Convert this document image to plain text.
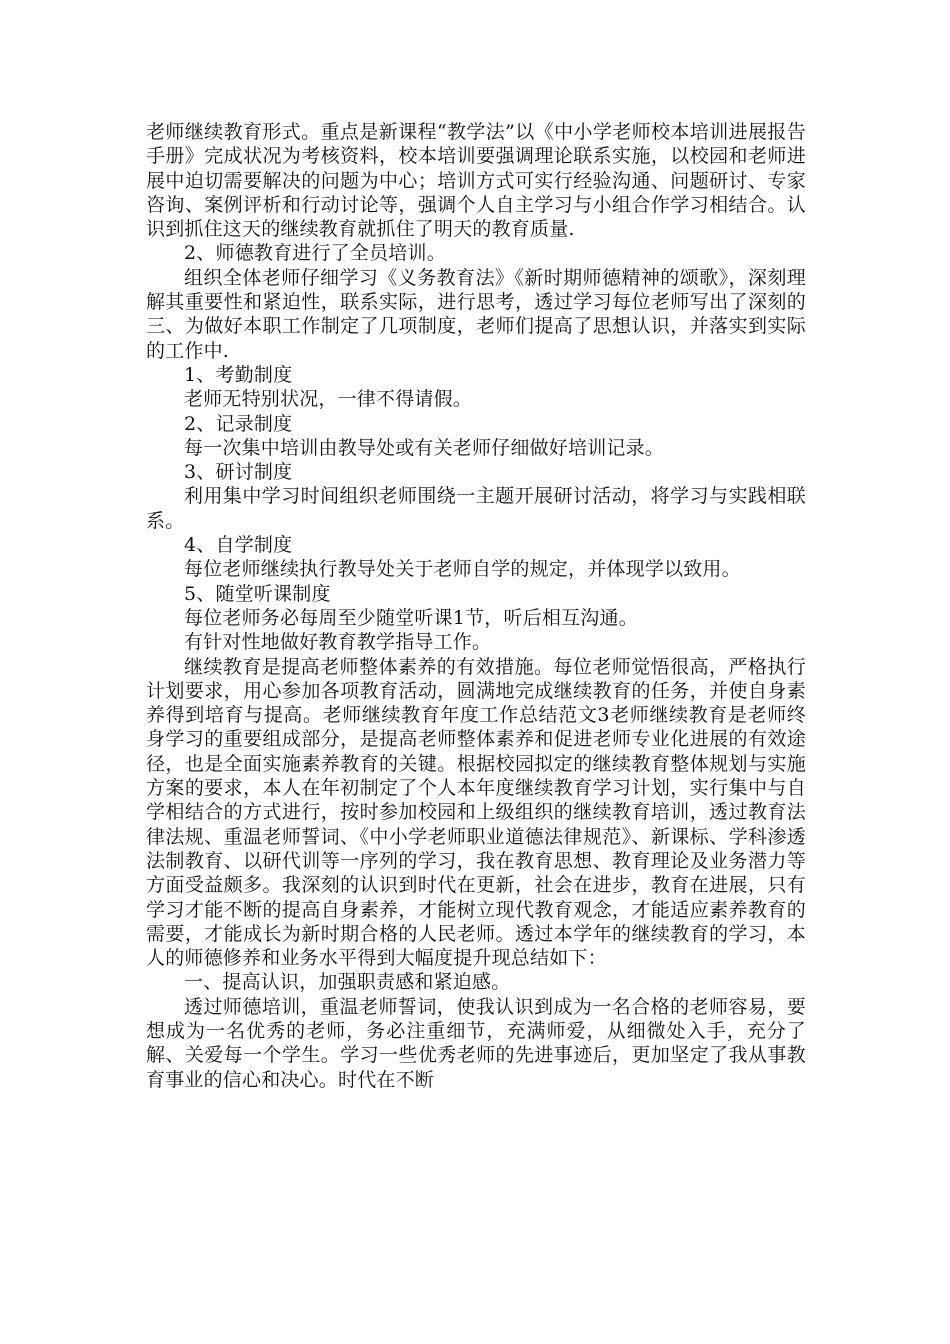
老师继续教育形式。重点是新课程“教学法”以《中小学老师校本培训进展报告手册》完成状况为考核资料，校本培训要强调理论联系实施，以校园和老师进展中迫切需要解决的问题为中心；培训方式可实行经验沟通、问题研讨、专家咨询、案例评析和行动讨论等，强调个人自主学习与小组合作学习相结合。认识到抓住这天的继续教育就抓住了明天的教育质量.

2、师德教育进行了全员培训。

组织全体老师仔细学习《义务教育法》《新时期师德精神的颂歌》，深刻理解其重要性和紧迫性，联系实际，进行思考，透过学习每位老师写出了深刻的三、为做好本职工作制定了几项制度，老师们提高了思想认识，并落实到实际的工作中.

1、考勤制度

老师无特别状况，一律不得请假。

2、记录制度

每一次集中培训由教导处或有关老师仔细做好培训记录。

3、研讨制度

利用集中学习时间组织老师围绕一主题开展研讨活动，将学习与实践相联系。

4、自学制度

每位老师继续执行教导处关于老师自学的规定，并体现学以致用。

5、随堂听课制度

每位老师务必每周至少随堂听课1节，听后相互沟通。

有针对性地做好教育教学指导工作。

继续教育是提高老师整体素养的有效措施。每位老师觉悟很高，严格执行计划要求，用心参加各项教育活动，圆满地完成继续教育的任务，并使自身素养得到培育与提高。老师继续教育年度工作总结范文3老师继续教育是老师终身学习的重要组成部分，是提高老师整体素养和促进老师专业化进展的有效途径，也是全面实施素养教育的关键。根据校园拟定的继续教育整体规划与实施方案的要求，本人在年初制定了个人本年度继续教育学习计划，实行集中与自学相结合的方式进行，按时参加校园和上级组织的继续教育培训，透过教育法律法规、重温老师誓词、《中小学老师职业道德法律规范》、新课标、学科渗透法制教育、以研代训等一序列的学习，我在教育思想、教育理论及业务潜力等方面受益颇多。我深刻的认识到时代在更新，社会在进步，教育在进展，只有学习才能不断的提高自身素养，才能树立现代教育观念，才能适应素养教育的需要，才能成长为新时期合格的人民老师。透过本学年的继续教育的学习，本人的师德修养和业务水平得到大幅度提升现总结如下：

一、提高认识，加强职责感和紧迫感。

透过师德培训，重温老师誓词，使我认识到成为一名合格的老师容易，要想成为一名优秀的老师，务必注重细节，充满师爱，从细微处入手，充分了解、关爱每一个学生。学习一些优秀老师的先进事迹后，更加坚定了我从事教育事业的信心和决心。时代在不断
